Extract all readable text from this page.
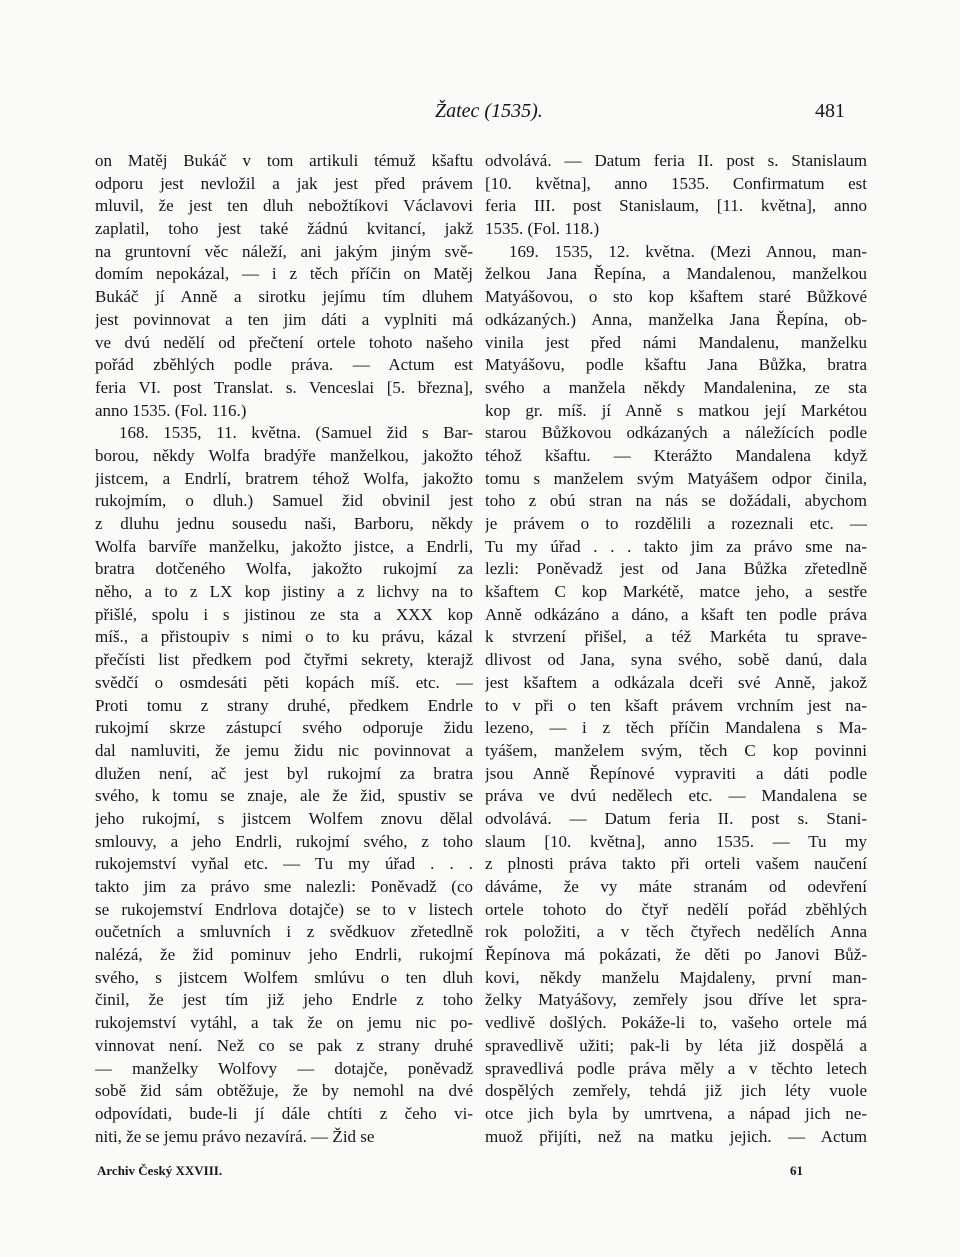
Žatec (1535).	481
on Matěj Bukáč v tom artikuli témuž kšaftu
odporu jest nevložil a jak jest před právem
mluvil, že jest ten dluh nebožtíkovi Václavovi
zaplatil, toho jest také žádnú kvitancí, jakž
na gruntovní věc náleží, ani jakým jiným svě-
domím nepokázal, — i z těch příčin on Matěj
Bukáč jí Anně a sirotku jejímu tím dluhem
jest povinnovat a ten jim dáti a vyplniti má
ve dvú nedělí od přečtení ortele tohoto našeho
pořád zběhlých podle práva. — Actum est
feria VI. post Translat. s. Venceslai [5. března],
anno 1535. (Fol. 116.)
168. 1535, 11. května. (Samuel žid s Bar-
borou, někdy Wolfa bradýře manželkou, jakožto
jistcem, a Endrlí, bratrem téhož Wolfa, jakožto
rukojmím, o dluh.) Samuel žid obvinil jest
z dluhu jednu sousedu naši, Barboru, někdy
Wolfa barvíře manželku, jakožto jistce, a Endrli,
bratra dotčeného Wolfa, jakožto rukojmí za
něho, a to z LX kop jistiny a z lichvy na to
přišlé, spolu i s jistinou ze sta a XXX kop
míš., a přistoupiv s nimi o to ku právu, kázal
přečísti list předkem pod čtyřmi sekrety, kterajž
svědčí o osmdesáti pěti kopách míš. etc. —
Proti tomu z strany druhé, předkem Endrle
rukojmí skrze zástupcí svého odporuje židu
dal namluviti, že jemu židu nic povinnovat a
dlužen není, ač jest byl rukojmí za bratra
svého, k tomu se znaje, ale že žid, spustiv se
jeho rukojmí, s jistcem Wolfem znovu dělal
smlouvy, a jeho Endrli, rukojmí svého, z toho
rukojemství vyňal etc. — Tu my úřad . . .
takto jim za právo sme nalezli: Poněvadž (co
se rukojemství Endrlova dotajče) se to v listech
oučetních a smluvních i z svědkuov zřetedlně
nalézá, že žid pominuv jeho Endrli, rukojmí
svého, s jistcem Wolfem smlúvu o ten dluh
činil, že jest tím již jeho Endrle z toho
rukojemství vytáhl, a tak že on jemu nic po-
vinnovat není. Než co se pak z strany druhé
— manželky Wolfovy — dotajče, poněvadž
sobě žid sám obtěžuje, že by nemohl na dvé
odpovídati, bude-li jí dále chtíti z čeho vi-
niti, že se jemu právo nezavírá. — Žid se
odvolává. — Datum feria II. post s. Stanislaum
[10. května], anno 1535. Confirmatum est
feria III. post Stanislaum, [11. května], anno
1535. (Fol. 118.)
169. 1535, 12. května. (Mezi Annou, man-
želkou Jana Řepína, a Mandalenou, manželkou
Matyášovou, o sto kop kšaftem staré Bůžkové
odkázaných.) Anna, manželka Jana Řepína, ob-
vinila jest před námi Mandalenu, manželku
Matyášovu, podle kšaftu Jana Bůžka, bratra
svého a manžela někdy Mandalenina, ze sta
kop gr. míš. jí Anně s matkou její Markétou
starou Bůžkovou odkázaných a náležících podle
téhož kšaftu. — Kterážto Mandalena když
tomu s manželem svým Matyášem odpor činila,
toho z obú stran na nás se dožádali, abychom
je právem o to rozdělili a rozeznali etc. —
Tu my úřad . . . takto jim za právo sme na-
lezli: Poněvadž jest od Jana Bůžka zřetedlně
kšaftem C kop Markétě, matce jeho, a sestře
Anně odkázáno a dáno, a kšaft ten podle práva
k stvrzení přišel, a též Markéta tu sprave-
dlivost od Jana, syna svého, sobě danú, dala
jest kšaftem a odkázala dceři své Anně, jakož
to v při o ten kšaft právem vrchním jest na-
lezeno, — i z těch příčin Mandalena s Ma-
tyášem, manželem svým, těch C kop povinni
jsou Anně Řepínové vypraviti a dáti podle
práva ve dvú nedělech etc. — Mandalena se
odvolává. — Datum feria II. post s. Stani-
slaum [10. května], anno 1535. — Tu my
z plnosti práva takto při orteli vašem naučení
dáváme, že vy máte stranám od odevření
ortele tohoto do čtyř nedělí pořád zběhlých
rok položiti, a v těch čtyřech nedělích Anna
Řepínova má pokázati, že děti po Janovi Bůž-
kovi, někdy manželu Majdaleny, první man-
želky Matyášovy, zemřely jsou dříve let spra-
vedlivě došlých. Pokáže-li to, vašeho ortele má
spravedlivě užiti; pak-li by léta již dospělá a
spravedlivá podle práva měly a v těchto letech
dospělých zemřely, tehdá již jich léty vuole
otce jich byla by umrtvena, a nápad jich ne-
muož přijíti, než na matku jejich. — Actum
Archiv Český XXVIII.	61
